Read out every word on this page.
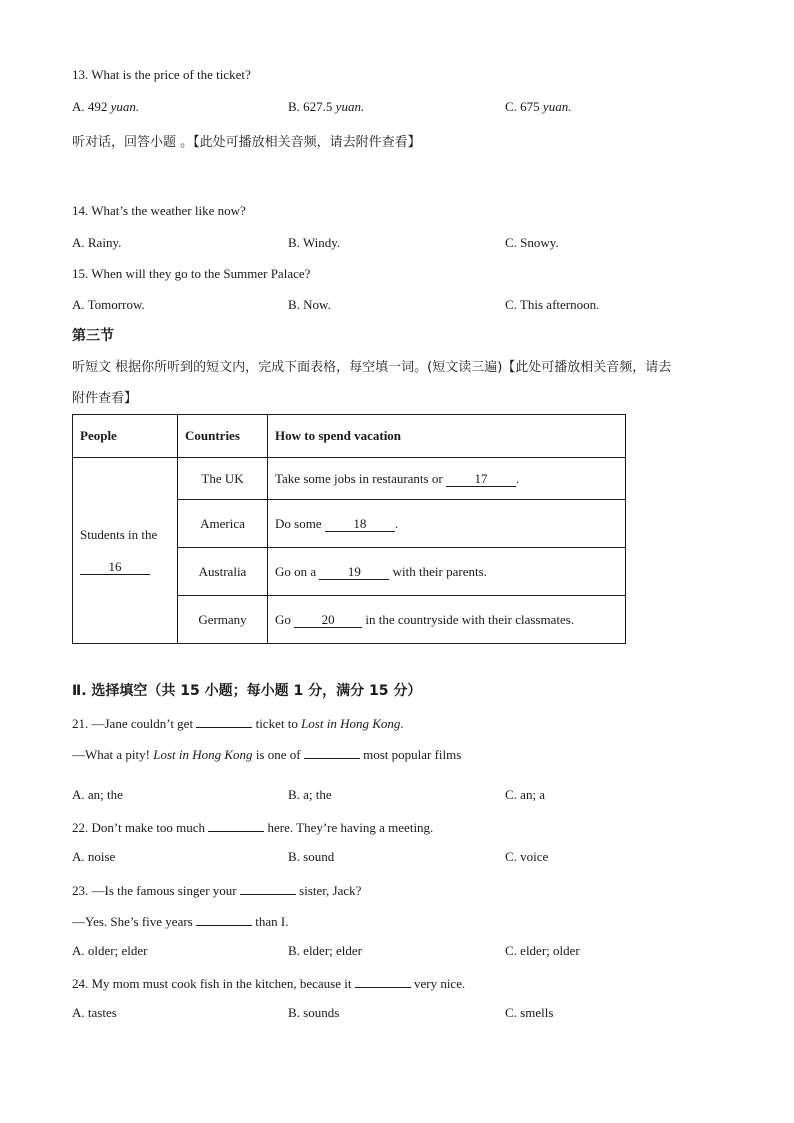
13. What is the price of the ticket?
A. 492 yuan.	B. 627.5 yuan.	C. 675 yuan.
听对话，回答小题 。【此处可播放相关音频，请去附件查看】
14. What’s the weather like now?
A. Rainy.	B. Windy.	C. Snowy.
15. When will they go to the Summer Palace?
A. Tomorrow.	B. Now.	C. This afternoon.
第三节
听短文 根据你所听到的短文内，完成下面表格，每空填一词。(短文读三遍)【此处可播放相关音频，请去
附件查看】
People	Countries	How to spend vacation
Students in the
16	The UK	Take some jobs in restaurants or 17 .
	America	Do some 18 .
	Australia	Go on a 19 with their parents.
	Germany	Go 20 in the countryside with their classmates.
Ⅱ. 选择填空（共 15 小题；每小题 1 分，满分 15 分）
21. —Jane couldn’t get	ticket to Lost in Hong Kong.
—What a pity! Lost in Hong Kong is one of	most popular films
A. an; the	B. a; the	C. an; a
22. Don’t make too much	here. They’re having a meeting.
A. noise	B. sound	C. voice
23. —Is the famous singer your	sister, Jack?
—Yes. She’s five years	than I.
A. older; elder	B. elder; elder	C. elder; older
24. My mom must cook fish in the kitchen, because it	very nice.
A. tastes	B. sounds	C. smells
